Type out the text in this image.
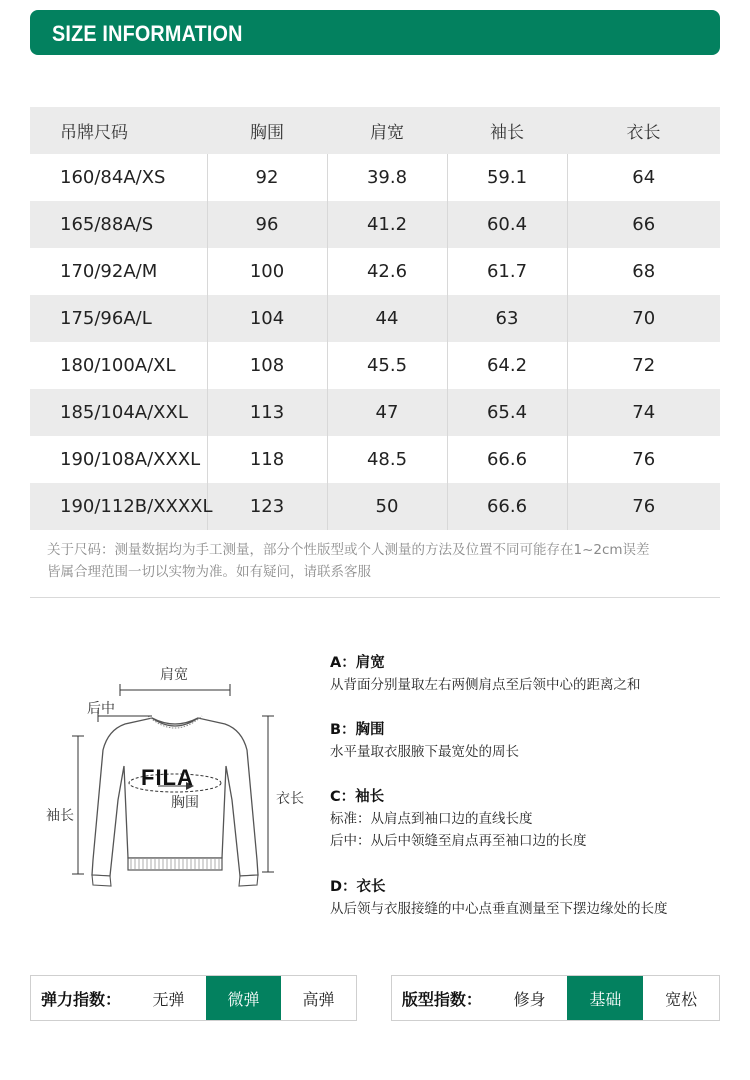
SIZE INFORMATION
吊牌尺码	胸围	肩宽	袖长	衣长
160/84A/XS	92	39.8	59.1	64
165/88A/S	96	41.2	60.4	66
170/92A/M	100	42.6	61.7	68
175/96A/L	104	44	63	70
180/100A/XL	108	45.5	64.2	72
185/104A/XXL	113	47	65.4	74
190/108A/XXXL	118	48.5	66.6	76
190/112B/XXXXL	123	50	66.6	76
关于尺码：测量数据均为手工测量，部分个性版型或个人测量的方法及位置不同可能存在1~2cm误差
皆属合理范围一切以实物为准。如有疑问，请联系客服
FILA
肩宽
后中
胸围
袖长
衣长
A：肩宽
从背面分别量取左右两侧肩点至后领中心的距离之和
B：胸围
水平量取衣服腋下最宽处的周长
C：袖长
标准：从肩点到袖口边的直线长度
后中：从后中领缝至肩点再至袖口边的长度
D：衣长
从后领与衣服接缝的中心点垂直测量至下摆边缘处的长度
弹力指数：	无弹	微弹	高弹	版型指数：	修身	基础	宽松
